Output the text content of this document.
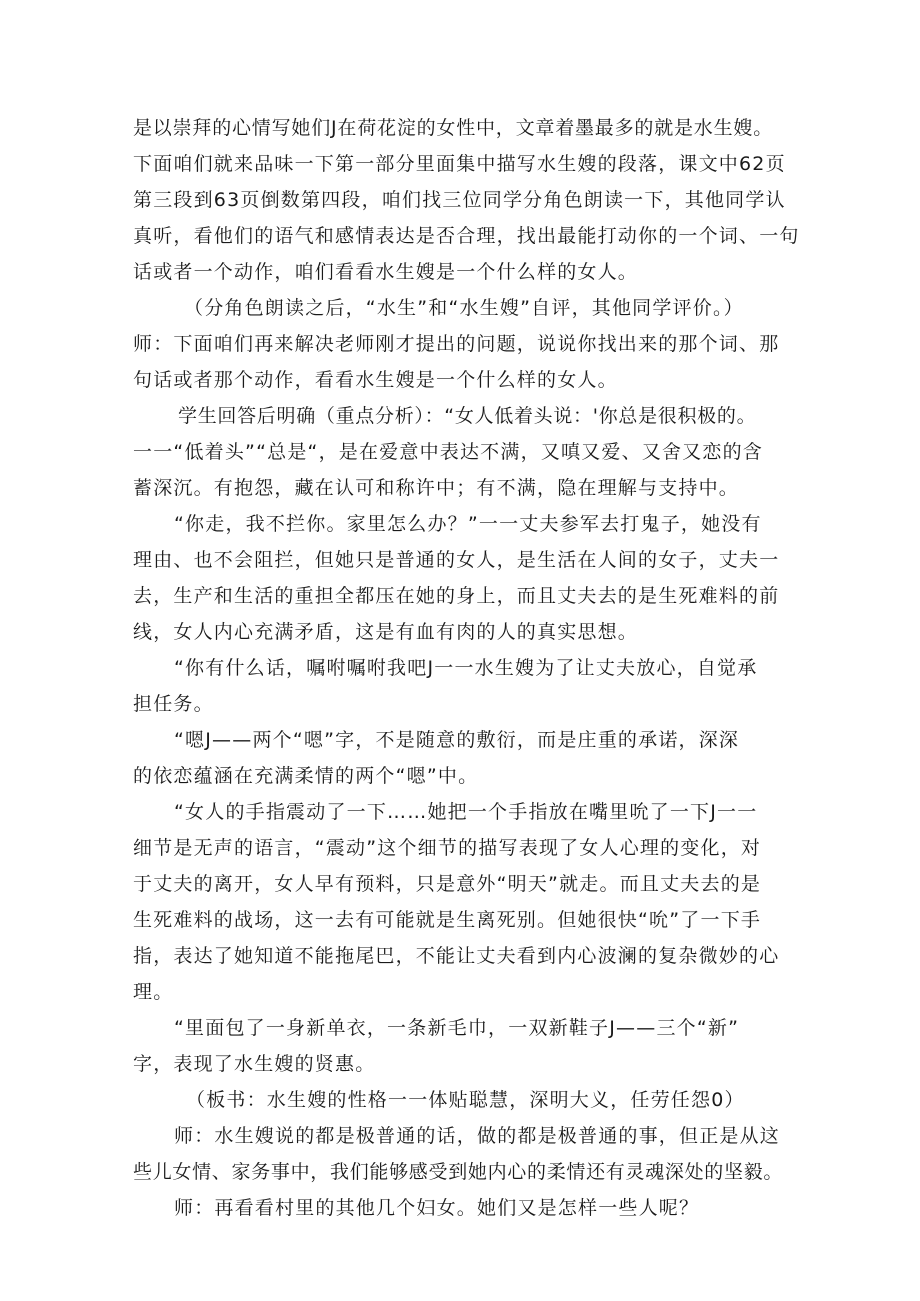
是以崇拜的心情写她们J在荷花淀的女性中，文章着墨最多的就是水生嫂。
下面咱们就来品味一下第一部分里面集中描写水生嫂的段落，课文中62页
第三段到63页倒数第四段，咱们找三位同学分角色朗读一下，其他同学认
真听，看他们的语气和感情表达是否合理，找出最能打动你的一个词、一句
话或者一个动作，咱们看看水生嫂是一个什么样的女人。
（分角色朗读之后，“水生”和“水生嫂”自评，其他同学评价。）
师：下面咱们再来解决老师刚才提出的问题，说说你找出来的那个词、那
句话或者那个动作，看看水生嫂是一个什么样的女人。
学生回答后明确（重点分析）：“女人低着头说：'你总是很积极的。
一一“低着头”“总是“，是在爱意中表达不满，又嗔又爱、又舍又恋的含
蓄深沉。有抱怨，藏在认可和称许中；有不满，隐在理解与支持中。
“你走，我不拦你。家里怎么办？”一一丈夫参军去打鬼子，她没有
理由、也不会阻拦，但她只是普通的女人，是生活在人间的女子，丈夫一
去，生产和生活的重担全都压在她的身上，而且丈夫去的是生死难料的前
线，女人内心充满矛盾，这是有血有肉的人的真实思想。
“你有什么话，嘱咐嘱咐我吧J一一水生嫂为了让丈夫放心，自觉承
担任务。
“嗯J——两个“嗯”字，不是随意的敷衍，而是庄重的承诺，深深
的依恋蕴涵在充满柔情的两个“嗯”中。
“女人的手指震动了一下……她把一个手指放在嘴里吮了一下J一一
细节是无声的语言，“震动”这个细节的描写表现了女人心理的变化，对
于丈夫的离开，女人早有预料，只是意外“明天”就走。而且丈夫去的是
生死难料的战场，这一去有可能就是生离死别。但她很快“吮”了一下手
指，表达了她知道不能拖尾巴，不能让丈夫看到内心波澜的复杂微妙的心
理。
“里面包了一身新单衣，一条新毛巾，一双新鞋子J——三个“新”
字，表现了水生嫂的贤惠。
（板书：水生嫂的性格一一体贴聪慧，深明大义，任劳任怨0）
师：水生嫂说的都是极普通的话，做的都是极普通的事，但正是从这
些儿女情、家务事中，我们能够感受到她内心的柔情还有灵魂深处的坚毅。
师：再看看村里的其他几个妇女。她们又是怎样一些人呢？
